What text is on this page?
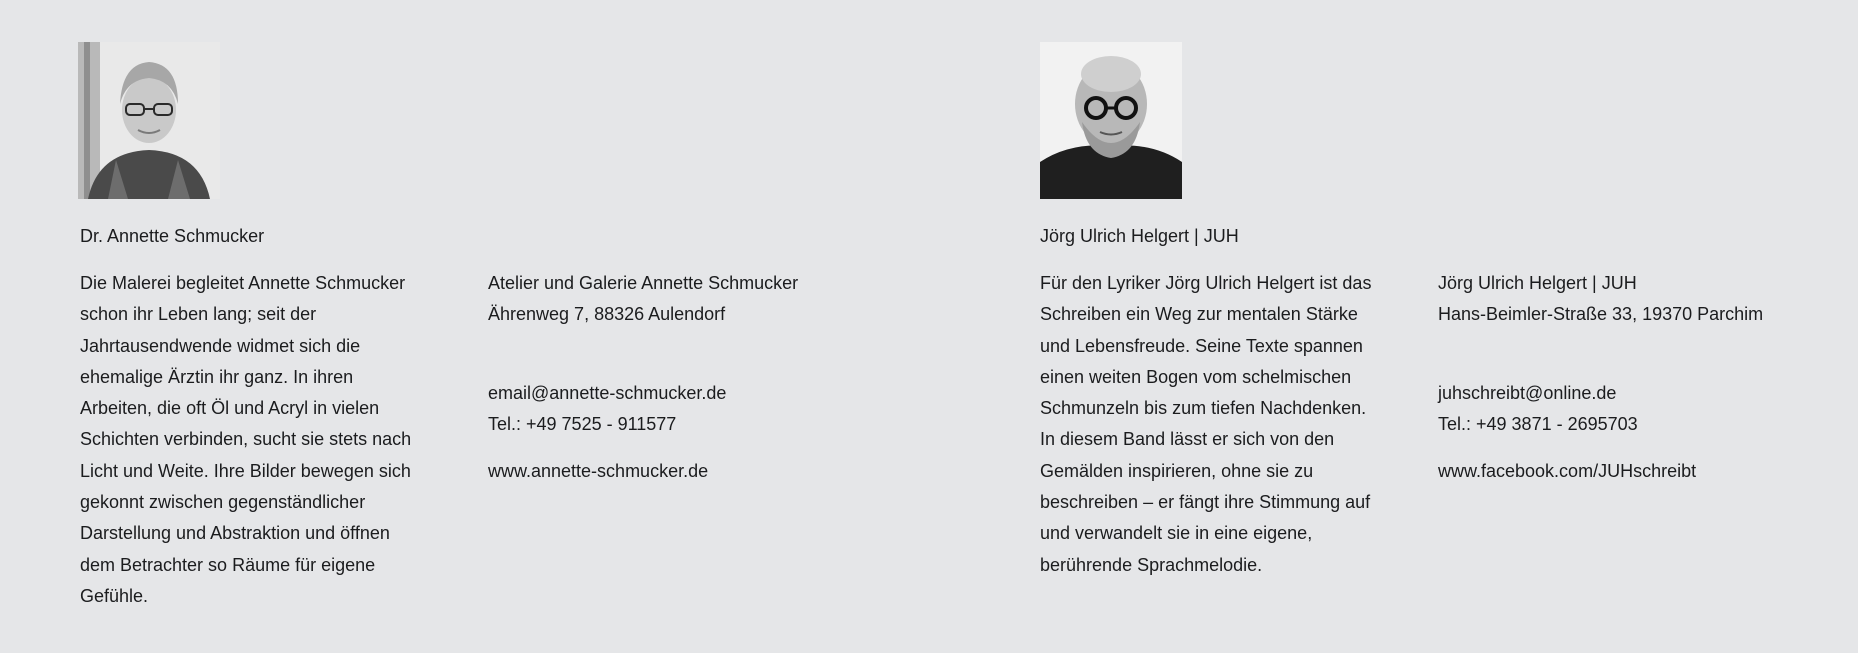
Dr. Annette Schmucker
Die Malerei begleitet Annette Schmucker
schon ihr Leben lang; seit der
Jahrtausendwende widmet sich die
ehemalige Ärztin ihr ganz. In ihren
Arbeiten, die oft Öl und Acryl in vielen
Schichten verbinden, sucht sie stets nach
Licht und Weite. Ihre Bilder bewegen sich
gekonnt zwischen gegenständlicher
Darstellung und Abstraktion und öffnen
dem Betrachter so Räume für eigene
Gefühle.
Atelier und Galerie Annette Schmucker
Ährenweg 7, 88326 Aulendorf
email@annette-schmucker.de
Tel.: +49 7525 - 911577
www.annette-schmucker.de
Jörg Ulrich Helgert | JUH
Für den Lyriker Jörg Ulrich Helgert ist das
Schreiben ein Weg zur mentalen Stärke
und Lebensfreude. Seine Texte spannen
einen weiten Bogen vom schelmischen
Schmunzeln bis zum tiefen Nachdenken.
In diesem Band lässt er sich von den
Gemälden inspirieren, ohne sie zu
beschreiben – er fängt ihre Stimmung auf
und verwandelt sie in eine eigene,
berührende Sprachmelodie.
Jörg Ulrich Helgert | JUH
Hans-Beimler-Straße 33, 19370 Parchim
juhschreibt@online.de
Tel.: +49 3871 - 2695703
www.facebook.com/JUHschreibt
